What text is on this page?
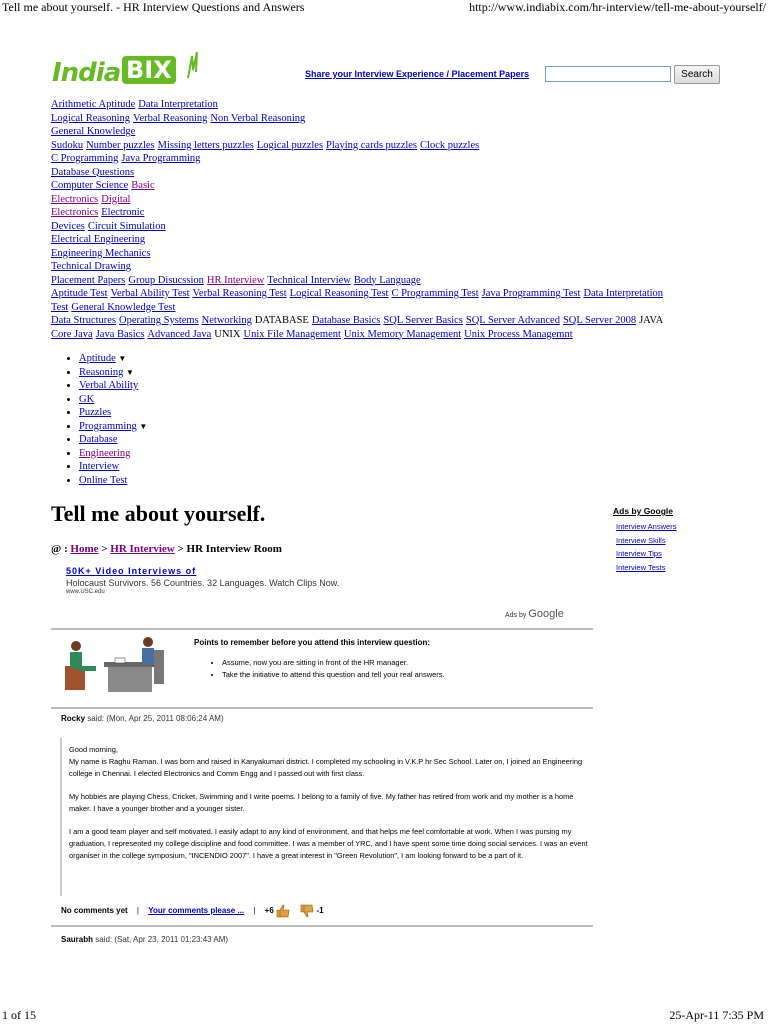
Tell me about yourself. - HR Interview Questions and Answers	http://www.indiabix.com/hr-interview/tell-me-about-yourself/
India BIX	Share your Interview Experience / Placement Papers	Search
Arithmetic Aptitude Data Interpretation
Logical Reasoning Verbal Reasoning Non Verbal Reasoning
General Knowledge
Sudoku Number puzzles Missing letters puzzles Logical puzzles Playing cards puzzles Clock puzzles
C Programming Java Programming
Database Questions
Computer Science Basic
Electronics Digital
Electronics Electronic
Devices Circuit Simulation
Electrical Engineering
Engineering Mechanics
Technical Drawing
Placement Papers Group Disucssion HR Interview Technical Interview Body Language
Aptitude Test Verbal Ability Test Verbal Reasoning Test Logical Reasoning Test C Programming Test Java Programming Test Data Interpretation
Test General Knowledge Test
Data Structures Operating Systems Networking DATABASE Database Basics SQL Server Basics SQL Server Advanced SQL Server 2008 JAVA
Core Java Java Basics Advanced Java UNIX Unix File Management Unix Memory Management Unix Process Managemnt
• Aptitude ▼
• Reasoning ▼
• Verbal Ability
• GK
• Puzzles
• Programming ▼
• Database
• Engineering
• Interview
• Online Test
Tell me about yourself.
@ : Home > HR Interview > HR Interview Room
50K+ Video Interviews of
Holocaust Survivors. 56 Countries. 32 Languages. Watch Clips Now.
www.USC.edu
Ads by Google
Ads by Google
Interview Answers
Interview Skills
Interview Tips
Interview Tests
Points to remember before you attend this interview question:
• Assume, now you are sitting in front of the HR manager.
• Take the initiative to attend this question and tell your real answers.
Rocky said: (Mon, Apr 25, 2011 08:06:24 AM)

Good morning,
My name is Raghu Raman. I was born and raised in Kanyakumari district. I completed my schooling in V.K.P hr Sec School. Later on, I joined an Engineering college in Chennai. I elected Electronics and Comm Engg and I passed out with first class.

My hobbies are playing Chess, Cricket, Swimming and I write poems. I belong to a family of five. My father has retired from work and my mother is a home maker. I have a younger brother and a younger sister.

I am a good team player and self motivated. I easily adapt to any kind of environment, and that helps me feel comfortable at work. When I was pursing my graduation, I represented my college discipline and food committee. I was a member of YRC, and I have spent some time doing social services. I was an event organiser in the college symposium, "INCENDIO 2007". I have a great interest in "Green Revolution", I am looking forward to be a part of it.

No comments yet | Your comments please ... | +6	-1
Saurabh said: (Sat, Apr 23, 2011 01:23:43 AM)
1 of 15	25-Apr-11 7:35 PM
